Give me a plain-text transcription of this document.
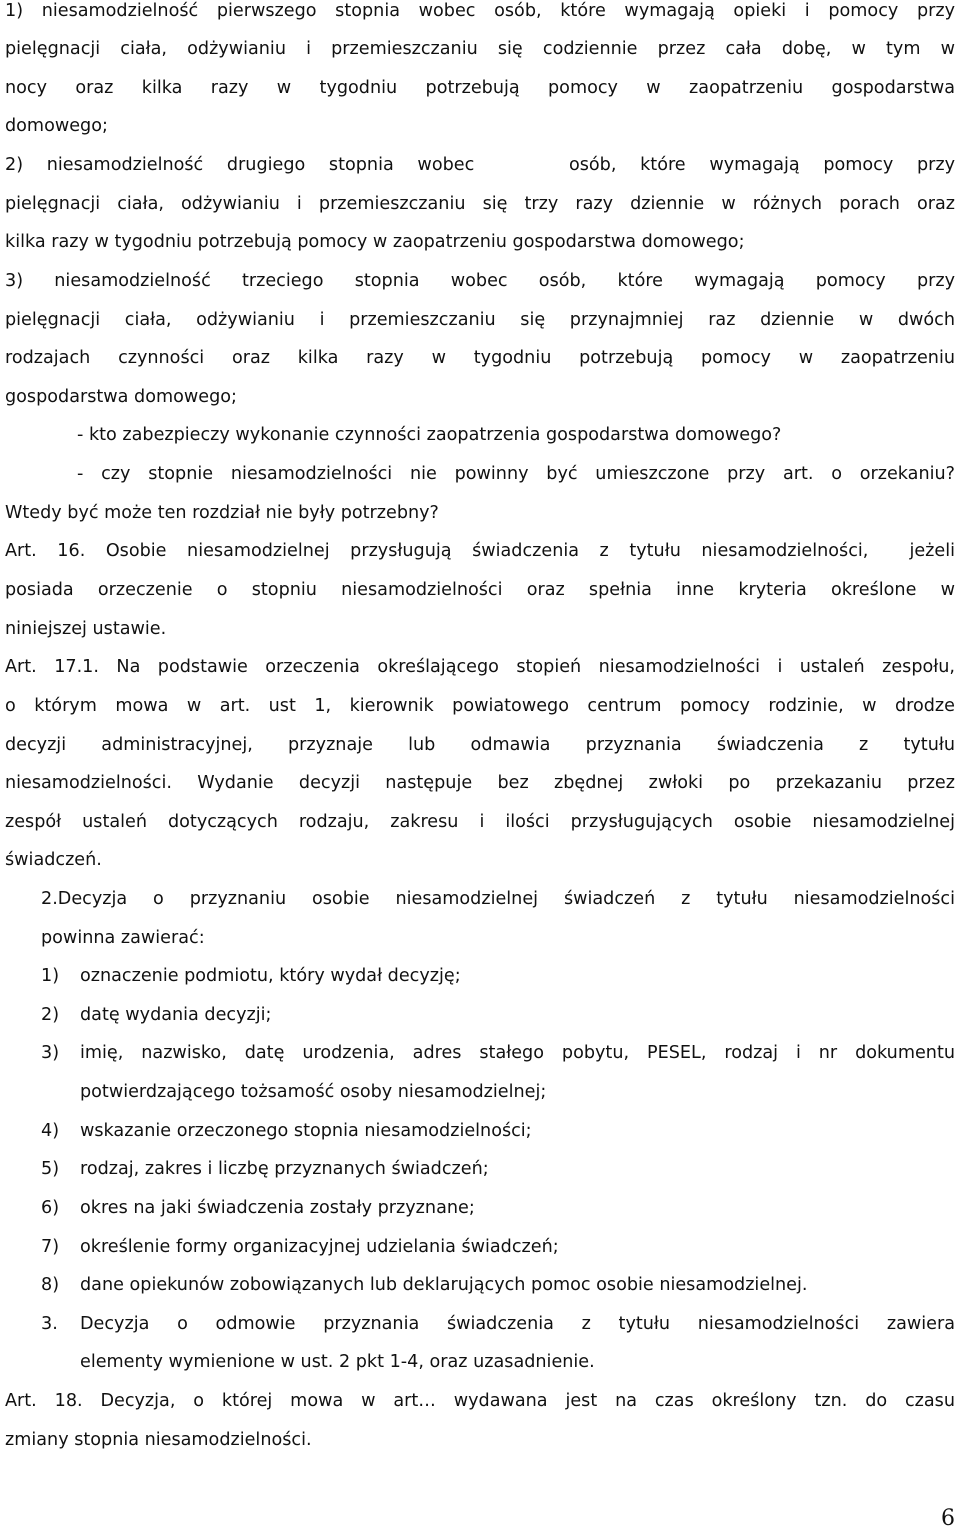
1) niesamodzielność pierwszego stopnia wobec osób, które wymagają opieki i pomocy przy
pielęgnacji ciała, odżywianiu i przemieszczaniu się codziennie przez cała dobę, w tym w
nocy oraz kilka razy w tygodniu potrzebują pomocy w zaopatrzeniu gospodarstwa
domowego;
2) niesamodzielność drugiego stopnia wobec    osób, które wymagają pomocy przy
pielęgnacji ciała, odżywianiu i przemieszczaniu się trzy razy dziennie w różnych porach oraz
kilka razy w tygodniu potrzebują pomocy w zaopatrzeniu gospodarstwa domowego;
3) niesamodzielność trzeciego stopnia wobec osób, które wymagają pomocy przy
pielęgnacji ciała, odżywianiu i przemieszczaniu się przynajmniej raz dziennie w dwóch
rodzajach czynności oraz kilka razy w tygodniu potrzebują pomocy w zaopatrzeniu
gospodarstwa domowego;
- kto zabezpieczy wykonanie czynności zaopatrzenia gospodarstwa domowego?
- czy stopnie niesamodzielności nie powinny być umieszczone przy art. o orzekaniu?
Wtedy być może ten rozdział nie były potrzebny?
Art. 16. Osobie niesamodzielnej przysługują świadczenia z tytułu niesamodzielności,  jeżeli
posiada orzeczenie o stopniu niesamodzielności oraz spełnia inne kryteria określone w
niniejszej ustawie.
Art. 17.1. Na podstawie orzeczenia określającego stopień niesamodzielności i ustaleń zespołu,
o którym mowa w art. ust 1, kierownik powiatowego centrum pomocy rodzinie, w drodze
decyzji administracyjnej, przyznaje lub odmawia przyznania świadczenia z tytułu
niesamodzielności. Wydanie decyzji następuje bez zbędnej zwłoki po przekazaniu przez
zespół ustaleń dotyczących rodzaju, zakresu i ilości przysługujących osobie niesamodzielnej
świadczeń.
2.Decyzja o przyznaniu osobie niesamodzielnej świadczeń z tytułu niesamodzielności
powinna zawierać:
1)	oznaczenie podmiotu, który wydał decyzję;
2)	datę wydania decyzji;
3)	imię, nazwisko, datę urodzenia, adres stałego pobytu, PESEL, rodzaj i nr dokumentu
potwierdzającego tożsamość osoby niesamodzielnej;
4)	wskazanie orzeczonego stopnia niesamodzielności;
5)	rodzaj, zakres i liczbę przyznanych świadczeń;
6)	okres na jaki świadczenia zostały przyznane;
7)	określenie formy organizacyjnej udzielania świadczeń;
8)	dane opiekunów zobowiązanych lub deklarujących pomoc osobie niesamodzielnej.
3.	Decyzja o odmowie przyznania świadczenia z tytułu niesamodzielności zawiera
elementy wymienione w ust. 2 pkt 1-4, oraz uzasadnienie.
Art. 18. Decyzja, o której mowa w art… wydawana jest na czas określony tzn. do czasu
zmiany stopnia niesamodzielności.
6
